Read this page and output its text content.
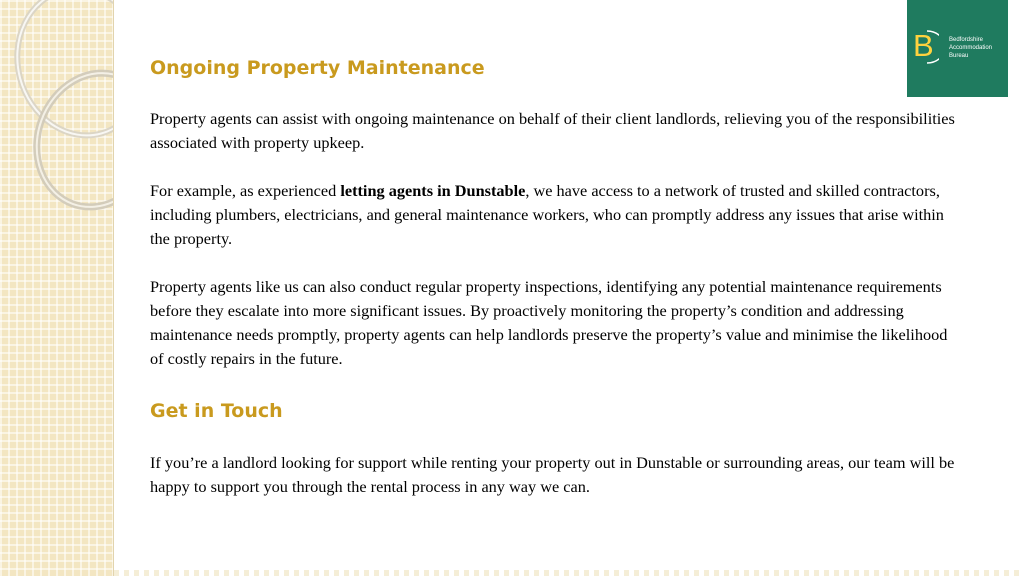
B	Bedfordshire
Accommodation
Bureau
Ongoing Property Maintenance

Property agents can assist with ongoing maintenance on behalf of their client landlords, relieving you of the responsibilities associated with property upkeep.

For example, as experienced letting agents in Dunstable, we have access to a network of trusted and skilled contractors, including plumbers, electricians, and general maintenance workers, who can promptly address any issues that arise within the property.

Property agents like us can also conduct regular property inspections, identifying any potential maintenance requirements before they escalate into more significant issues. By proactively monitoring the property’s condition and addressing maintenance needs promptly, property agents can help landlords preserve the property’s value and minimise the likelihood of costly repairs in the future.

Get in Touch

If you’re a landlord looking for support while renting your property out in Dunstable or surrounding areas, our team will be happy to support you through the rental process in any way we can.
